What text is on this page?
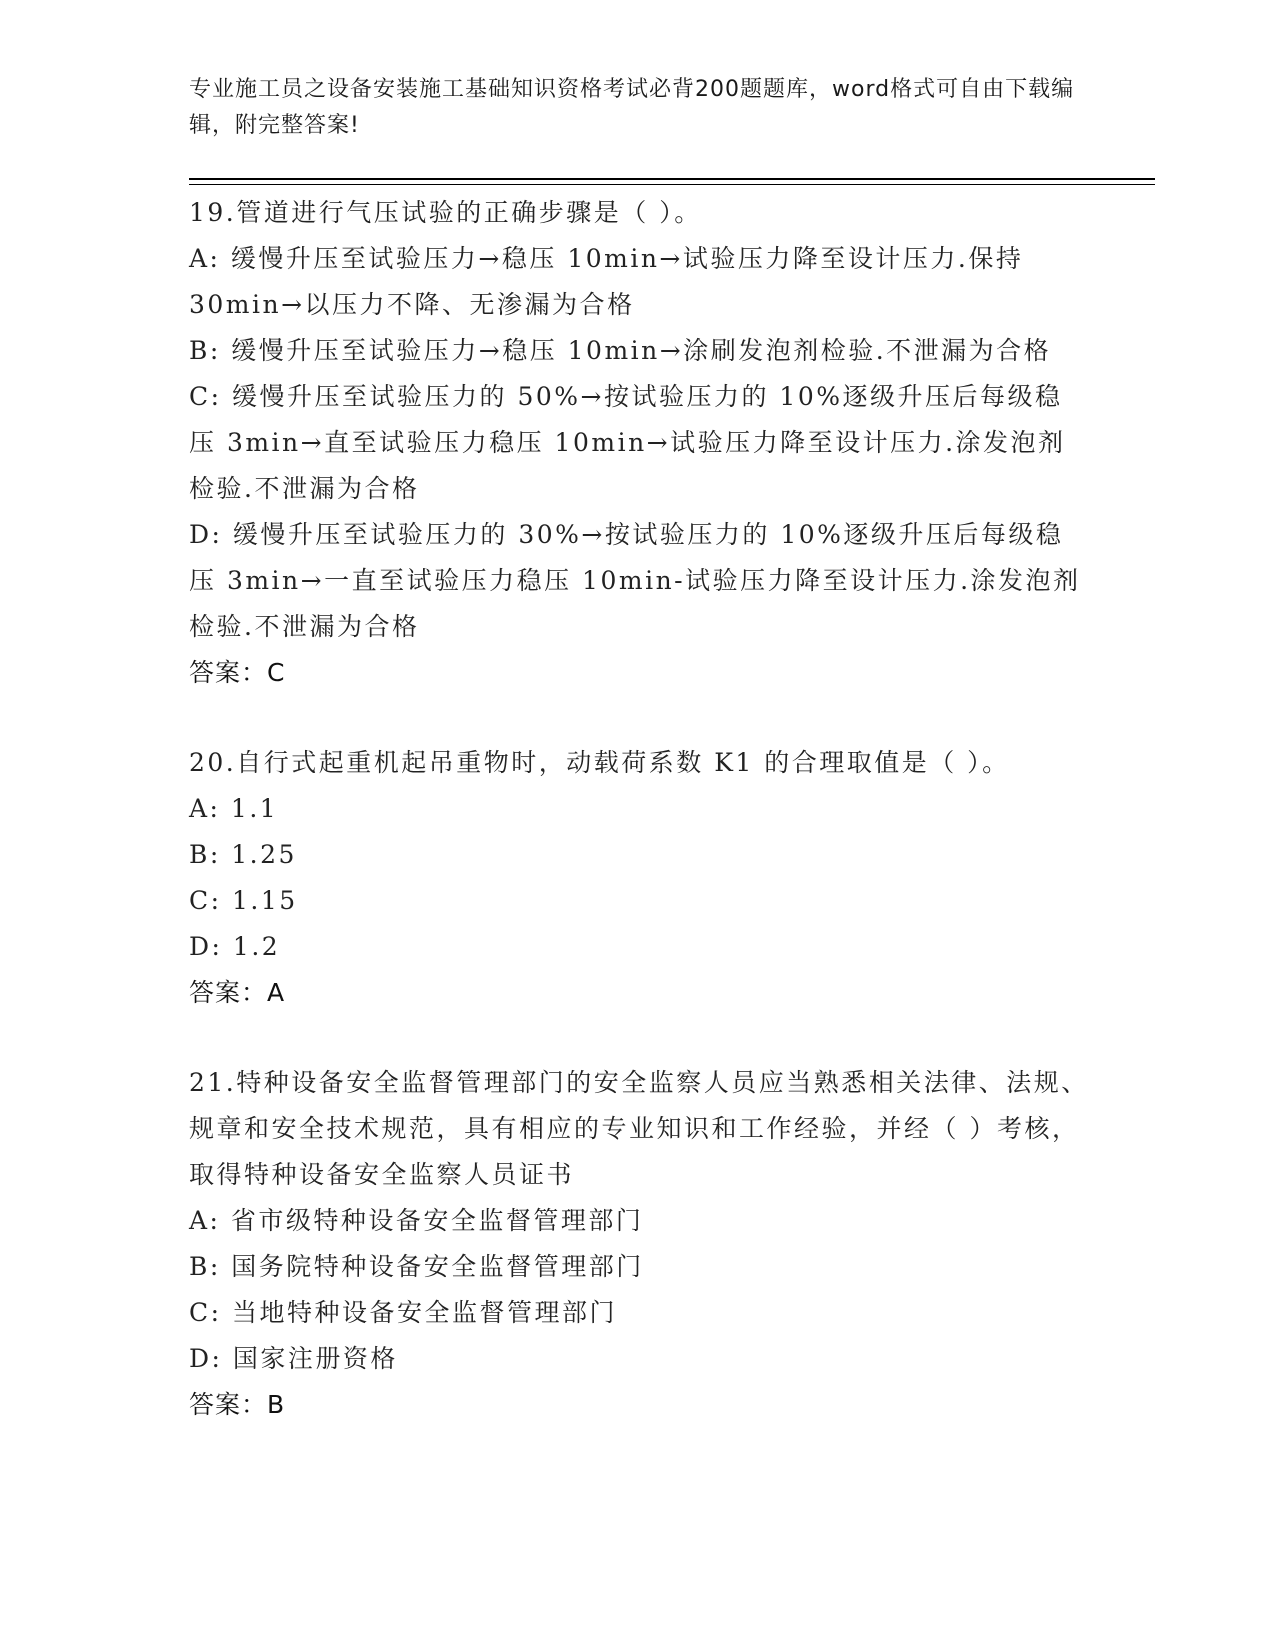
专业施工员之设备安装施工基础知识资格考试必背200题题库，word格式可自由下载编辑，附完整答案!
19.管道进行气压试验的正确步骤是（ ）。
A: 缓慢升压至试验压力→稳压 10min→试验压力降至设计压力.保持30min→以压力不降、无渗漏为合格
B: 缓慢升压至试验压力→稳压 10min→涂刷发泡剂检验.不泄漏为合格
C: 缓慢升压至试验压力的 50%→按试验压力的 10%逐级升压后每级稳压 3min→直至试验压力稳压 10min→试验压力降至设计压力.涂发泡剂检验.不泄漏为合格
D: 缓慢升压至试验压力的 30%→按试验压力的 10%逐级升压后每级稳压 3min→一直至试验压力稳压 10min-试验压力降至设计压力.涂发泡剂检验.不泄漏为合格
答案：C
20.自行式起重机起吊重物时，动载荷系数 K1 的合理取值是（ ）。
A: 1.1
B: 1.25
C: 1.15
D: 1.2
答案：A
21.特种设备安全监督管理部门的安全监察人员应当熟悉相关法律、法规、规章和安全技术规范，具有相应的专业知识和工作经验，并经（ ）考核，取得特种设备安全监察人员证书
A: 省市级特种设备安全监督管理部门
B: 国务院特种设备安全监督管理部门
C: 当地特种设备安全监督管理部门
D: 国家注册资格
答案：B
